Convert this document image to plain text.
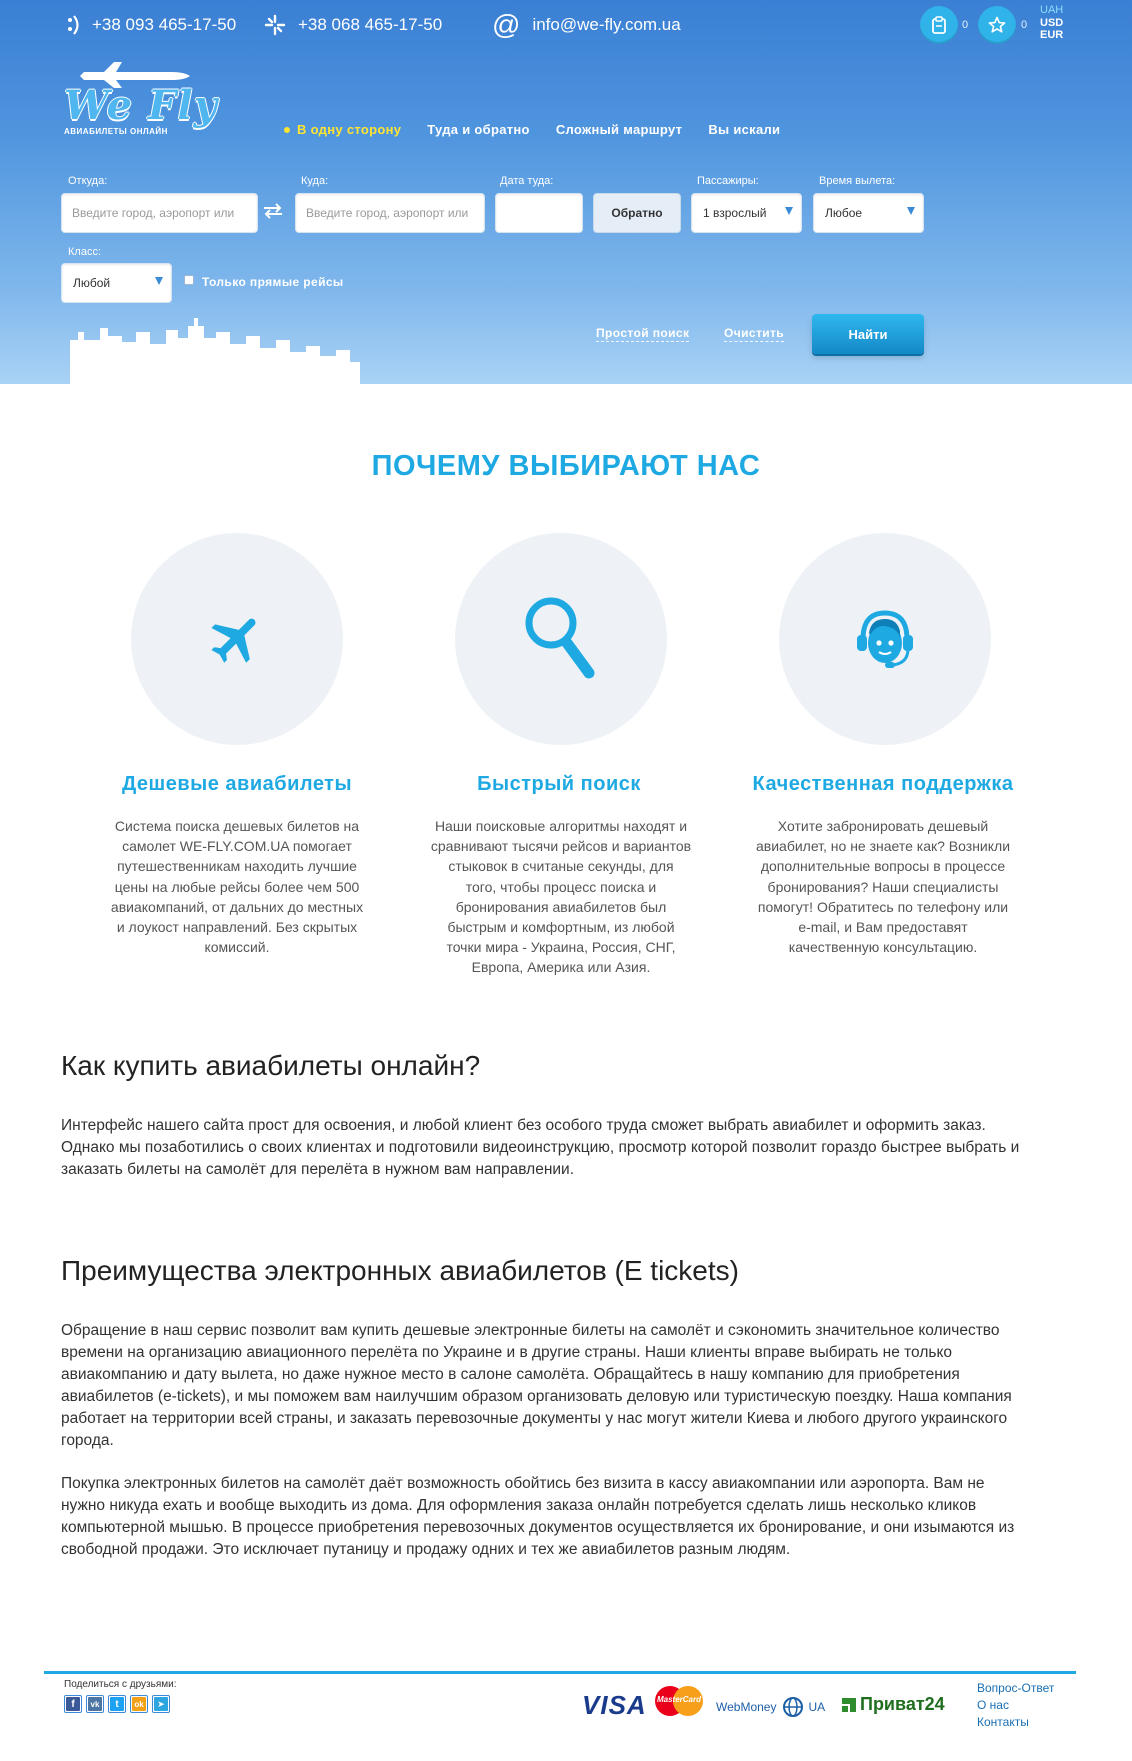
+38 093 465-17-50	+38 068 465-17-50 @ info@we-fly.com.ua	0	0
UAH
USD
EUR
We Fly
АВИАБИЛЕТЫ ОНЛАЙН	В одну сторону Туда и обратно Сложный маршрут Вы искали
Откуда:
Введите город, аэропорт или	Куда:
Введите город, аэропорт или	Дата туда:
Обратно
Пассажиры:
1 взрослый
Время вылета:
Любое
Класс:
Любой	Только прямые рейсы
Простой поиск	Очистить	Найти
ПОЧЕМУ ВЫБИРАЮТ НАС
Дешевые авиабилеты	Быстрый поиск	Качественная поддержка
Система поиска дешевых билетов на
самолет WE-FLY.COM.UA помогает
путешественникам находить лучшие
цены на любые рейсы более чем 500
авиакомпаний, от дальних до местных
и лоукост направлений. Без скрытых
комиссий.
Наши поисковые алгоритмы находят и
сравнивают тысячи рейсов и вариантов
стыковок в считаные секунды, для
того, чтобы процесс поиска и
бронирования авиабилетов был
быстрым и комфортным, из любой
точки мира - Украина, Россия, СНГ,
Европа, Америка или Азия.
Хотите забронировать дешевый
авиабилет, но не знаете как? Возникли
дополнительные вопросы в процессе
бронирования? Наши специалисты
помогут! Обратитесь по телефону или
e-mail, и Вам предоставят
качественную консультацию.
Как купить авиабилеты онлайн?
Интерфейс нашего сайта прост для освоения, и любой клиент без особого труда сможет выбрать авиабилет и оформить заказ.
Однако мы позаботились о своих клиентах и подготовили видеоинструкцию, просмотр которой позволит гораздо быстрее выбрать и
заказать билеты на самолёт для перелёта в нужном вам направлении.
Преимущества электронных авиабилетов (E tickets)
Обращение в наш сервис позволит вам купить дешевые электронные билеты на самолёт и сэкономить значительное количество
времени на организацию авиационного перелёта по Украине и в другие страны. Наши клиенты вправе выбирать не только
авиакомпанию и дату вылета, но даже нужное место в салоне самолёта. Обращайтесь в нашу компанию для приобретения
авиабилетов (e-tickets), и мы поможем вам наилучшим образом организовать деловую или туристическую поездку. Наша компания
работает на территории всей страны, и заказать перевозочные документы у нас могут жители Киева и любого другого украинского
города.
Покупка электронных билетов на самолёт даёт возможность обойтись без визита в кассу авиакомпании или аэропорта. Вам не
нужно никуда ехать и вообще выходить из дома. Для оформления заказа онлайн потребуется сделать лишь несколько кликов
компьютерной мышью. В процессе приобретения перевозочных документов осуществляется их бронирование, и они изымаются из
свободной продажи. Это исключает путаницу и продажу одних и тех же авиабилетов разным людям.
Поделиться с друзьями:
f	vk	t	ok	➤	VISA MasterCard
WebMoney	UA Приват24
Вопрос-Ответ
О нас
Контакты
